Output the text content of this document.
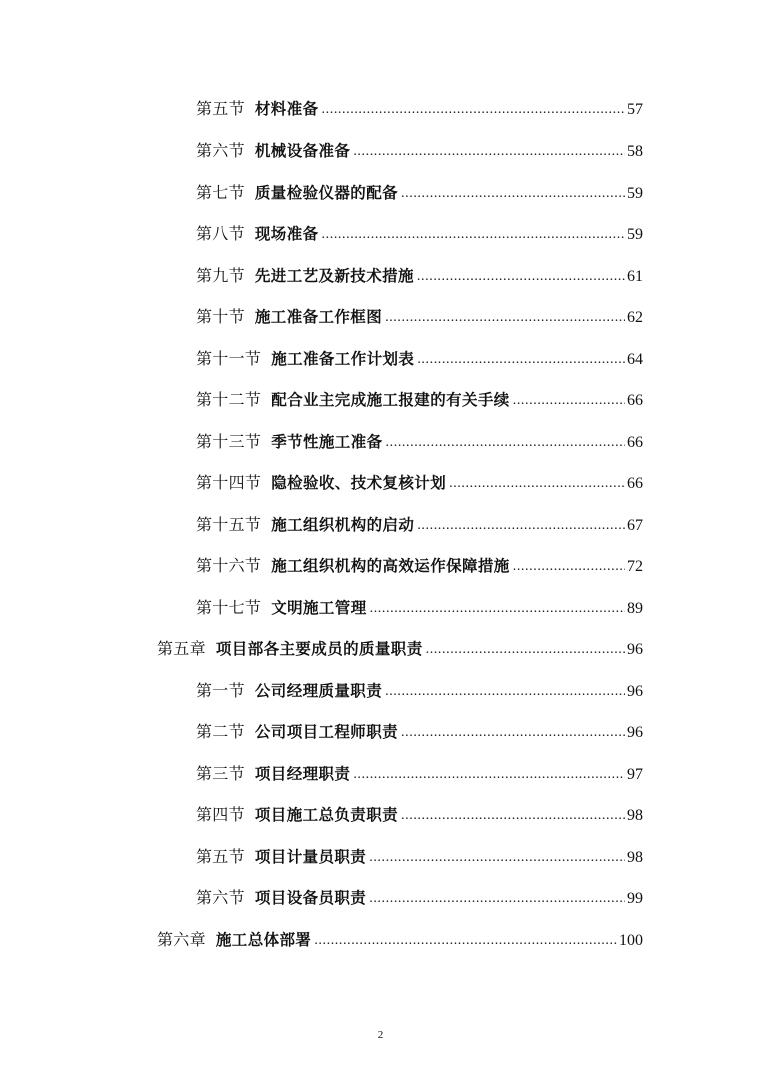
第五节 材料准备 .....	57
第六节 机械设备准备 .....	58
第七节 质量检验仪器的配备 .....	59
第八节 现场准备 .....	59
第九节 先进工艺及新技术措施 .....	61
第十节 施工准备工作框图 .....	62
第十一节 施工准备工作计划表 .....	64
第十二节 配合业主完成施工报建的有关手续 .....	66
第十三节 季节性施工准备 .....	66
第十四节 隐检验收、技术复核计划 .....	66
第十五节 施工组织机构的启动 .....	67
第十六节 施工组织机构的高效运作保障措施 .....	72
第十七节 文明施工管理 .....	89
第五章 项目部各主要成员的质量职责 .....	96
第一节 公司经理质量职责 .....	96
第二节 公司项目工程师职责 .....	96
第三节 项目经理职责 .....	97
第四节 项目施工总负责职责 .....	98
第五节 项目计量员职责 .....	98
第六节 项目设备员职责 .....	99
第六章 施工总体部署 .....	100
2
